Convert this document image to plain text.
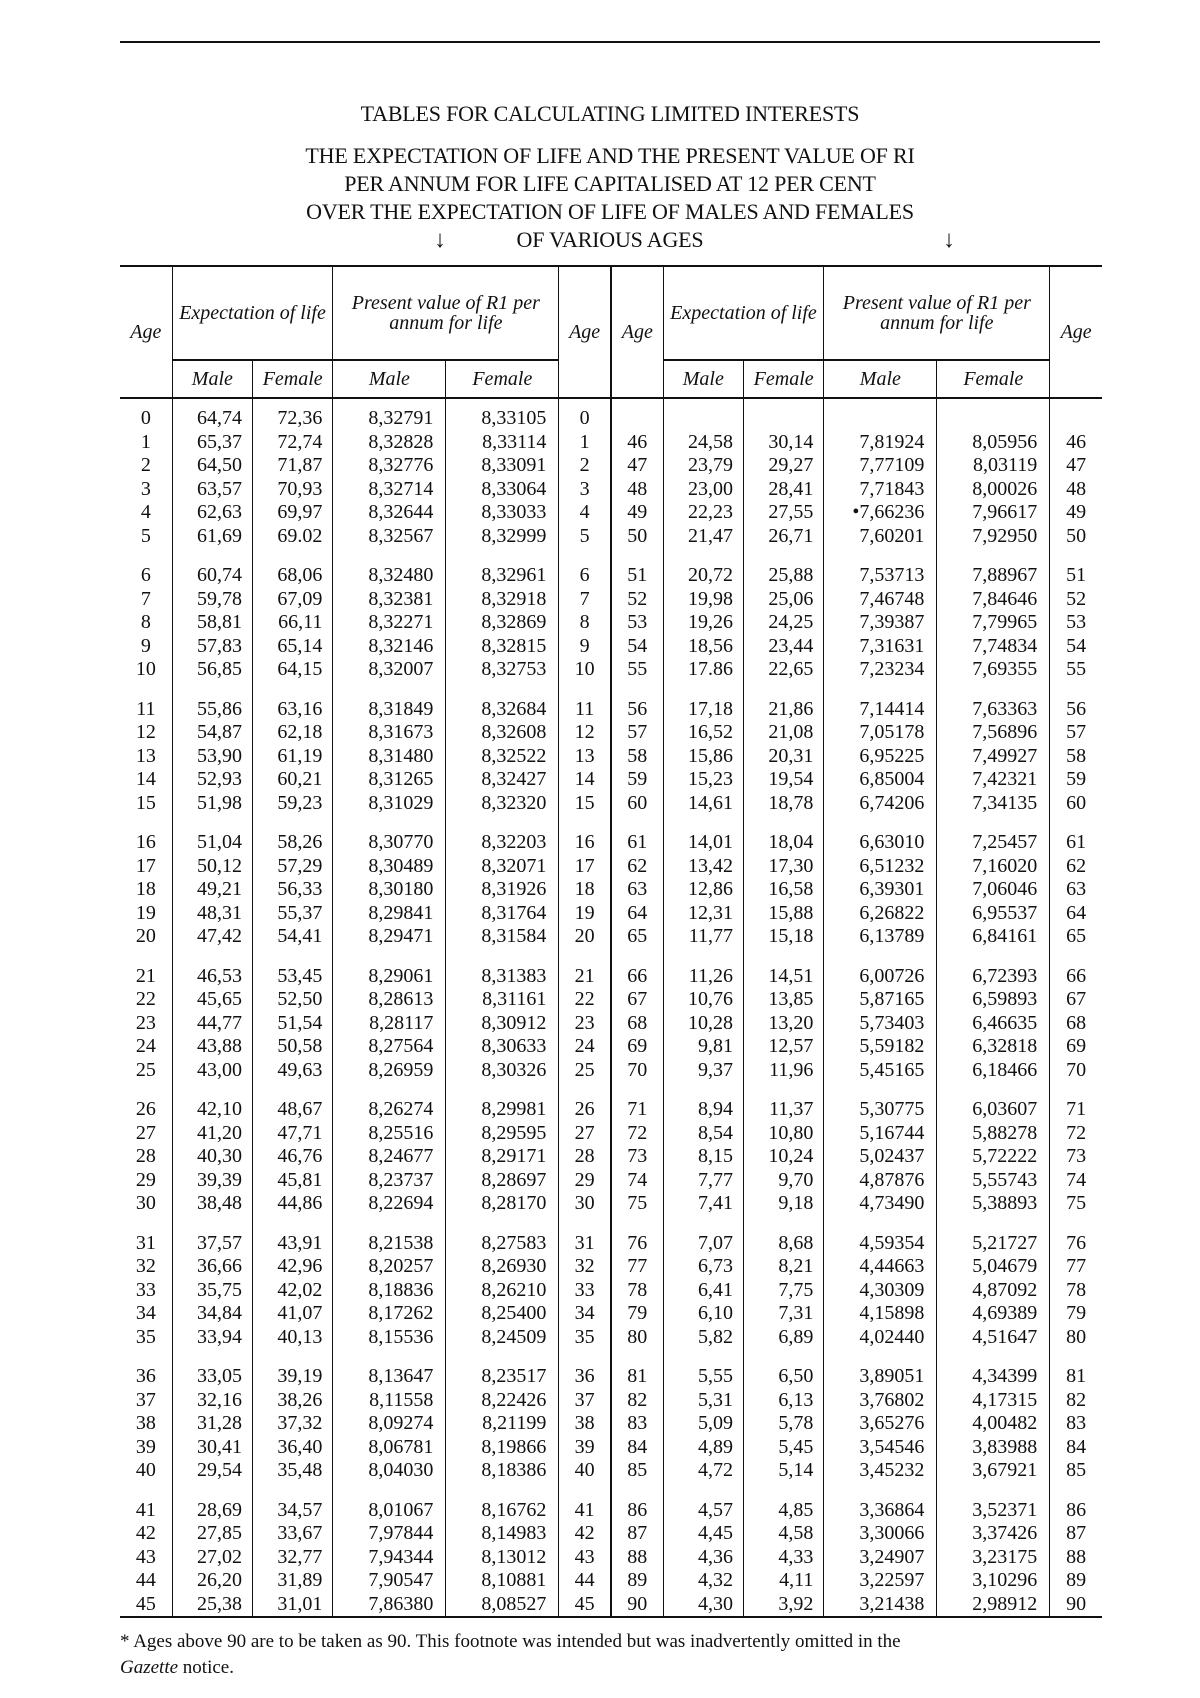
TABLES FOR CALCULATING LIMITED INTERESTS
THE EXPECTATION OF LIFE AND THE PRESENT VALUE OF RI
PER ANNUM FOR LIFE CAPITALISED AT 12 PER CENT
OVER THE EXPECTATION OF LIFE OF MALES AND FEMALES
OF VARIOUS AGES
↓	↓
Age	Expectation of life		Present value of R1 per annum for life		Age	Age	Expectation of life		Present value of R1 per annum for life		Age
	Male	Female	Male	Female			Male	Female	Male	Female	
0	64,74	72,36	8,32791	8,33105	0						
1	65,37	72,74	8,32828	8,33114	1	46	24,58	30,14	7,81924	8,05956	46
2	64,50	71,87	8,32776	8,33091	2	47	23,79	29,27	7,77109	8,03119	47
3	63,57	70,93	8,32714	8,33064	3	48	23,00	28,41	7,71843	8,00026	48
4	62,63	69,97	8,32644	8,33033	4	49	22,23	27,55	•7,66236	7,96617	49
5	61,69	69.02	8,32567	8,32999	5	50	21,47	26,71	7,60201	7,92950	50

6	60,74	68,06	8,32480	8,32961	6	51	20,72	25,88	7,53713	7,88967	51
7	59,78	67,09	8,32381	8,32918	7	52	19,98	25,06	7,46748	7,84646	52
8	58,81	66,11	8,32271	8,32869	8	53	19,26	24,25	7,39387	7,79965	53
9	57,83	65,14	8,32146	8,32815	9	54	18,56	23,44	7,31631	7,74834	54
10	56,85	64,15	8,32007	8,32753	10	55	17.86	22,65	7,23234	7,69355	55

11	55,86	63,16	8,31849	8,32684	11	56	17,18	21,86	7,14414	7,63363	56
12	54,87	62,18	8,31673	8,32608	12	57	16,52	21,08	7,05178	7,56896	57
13	53,90	61,19	8,31480	8,32522	13	58	15,86	20,31	6,95225	7,49927	58
14	52,93	60,21	8,31265	8,32427	14	59	15,23	19,54	6,85004	7,42321	59
15	51,98	59,23	8,31029	8,32320	15	60	14,61	18,78	6,74206	7,34135	60

16	51,04	58,26	8,30770	8,32203	16	61	14,01	18,04	6,63010	7,25457	61
17	50,12	57,29	8,30489	8,32071	17	62	13,42	17,30	6,51232	7,16020	62
18	49,21	56,33	8,30180	8,31926	18	63	12,86	16,58	6,39301	7,06046	63
19	48,31	55,37	8,29841	8,31764	19	64	12,31	15,88	6,26822	6,95537	64
20	47,42	54,41	8,29471	8,31584	20	65	11,77	15,18	6,13789	6,84161	65

21	46,53	53,45	8,29061	8,31383	21	66	11,26	14,51	6,00726	6,72393	66
22	45,65	52,50	8,28613	8,31161	22	67	10,76	13,85	5,87165	6,59893	67
23	44,77	51,54	8,28117	8,30912	23	68	10,28	13,20	5,73403	6,46635	68
24	43,88	50,58	8,27564	8,30633	24	69	9,81	12,57	5,59182	6,32818	69
25	43,00	49,63	8,26959	8,30326	25	70	9,37	11,96	5,45165	6,18466	70

26	42,10	48,67	8,26274	8,29981	26	71	8,94	11,37	5,30775	6,03607	71
27	41,20	47,71	8,25516	8,29595	27	72	8,54	10,80	5,16744	5,88278	72
28	40,30	46,76	8,24677	8,29171	28	73	8,15	10,24	5,02437	5,72222	73
29	39,39	45,81	8,23737	8,28697	29	74	7,77	9,70	4,87876	5,55743	74
30	38,48	44,86	8,22694	8,28170	30	75	7,41	9,18	4,73490	5,38893	75

31	37,57	43,91	8,21538	8,27583	31	76	7,07	8,68	4,59354	5,21727	76
32	36,66	42,96	8,20257	8,26930	32	77	6,73	8,21	4,44663	5,04679	77
33	35,75	42,02	8,18836	8,26210	33	78	6,41	7,75	4,30309	4,87092	78
34	34,84	41,07	8,17262	8,25400	34	79	6,10	7,31	4,15898	4,69389	79
35	33,94	40,13	8,15536	8,24509	35	80	5,82	6,89	4,02440	4,51647	80

36	33,05	39,19	8,13647	8,23517	36	81	5,55	6,50	3,89051	4,34399	81
37	32,16	38,26	8,11558	8,22426	37	82	5,31	6,13	3,76802	4,17315	82
38	31,28	37,32	8,09274	8,21199	38	83	5,09	5,78	3,65276	4,00482	83
39	30,41	36,40	8,06781	8,19866	39	84	4,89	5,45	3,54546	3,83988	84
40	29,54	35,48	8,04030	8,18386	40	85	4,72	5,14	3,45232	3,67921	85

41	28,69	34,57	8,01067	8,16762	41	86	4,57	4,85	3,36864	3,52371	86
42	27,85	33,67	7,97844	8,14983	42	87	4,45	4,58	3,30066	3,37426	87
43	27,02	32,77	7,94344	8,13012	43	88	4,36	4,33	3,24907	3,23175	88
44	26,20	31,89	7,90547	8,10881	44	89	4,32	4,11	3,22597	3,10296	89
45	25,38	31,01	7,86380	8,08527	45	90	4,30	3,92	3,21438	2,98912	90
* Ages above 90 are to be taken as 90. This footnote was intended but was inadvertently omitted in the
Gazette notice.
